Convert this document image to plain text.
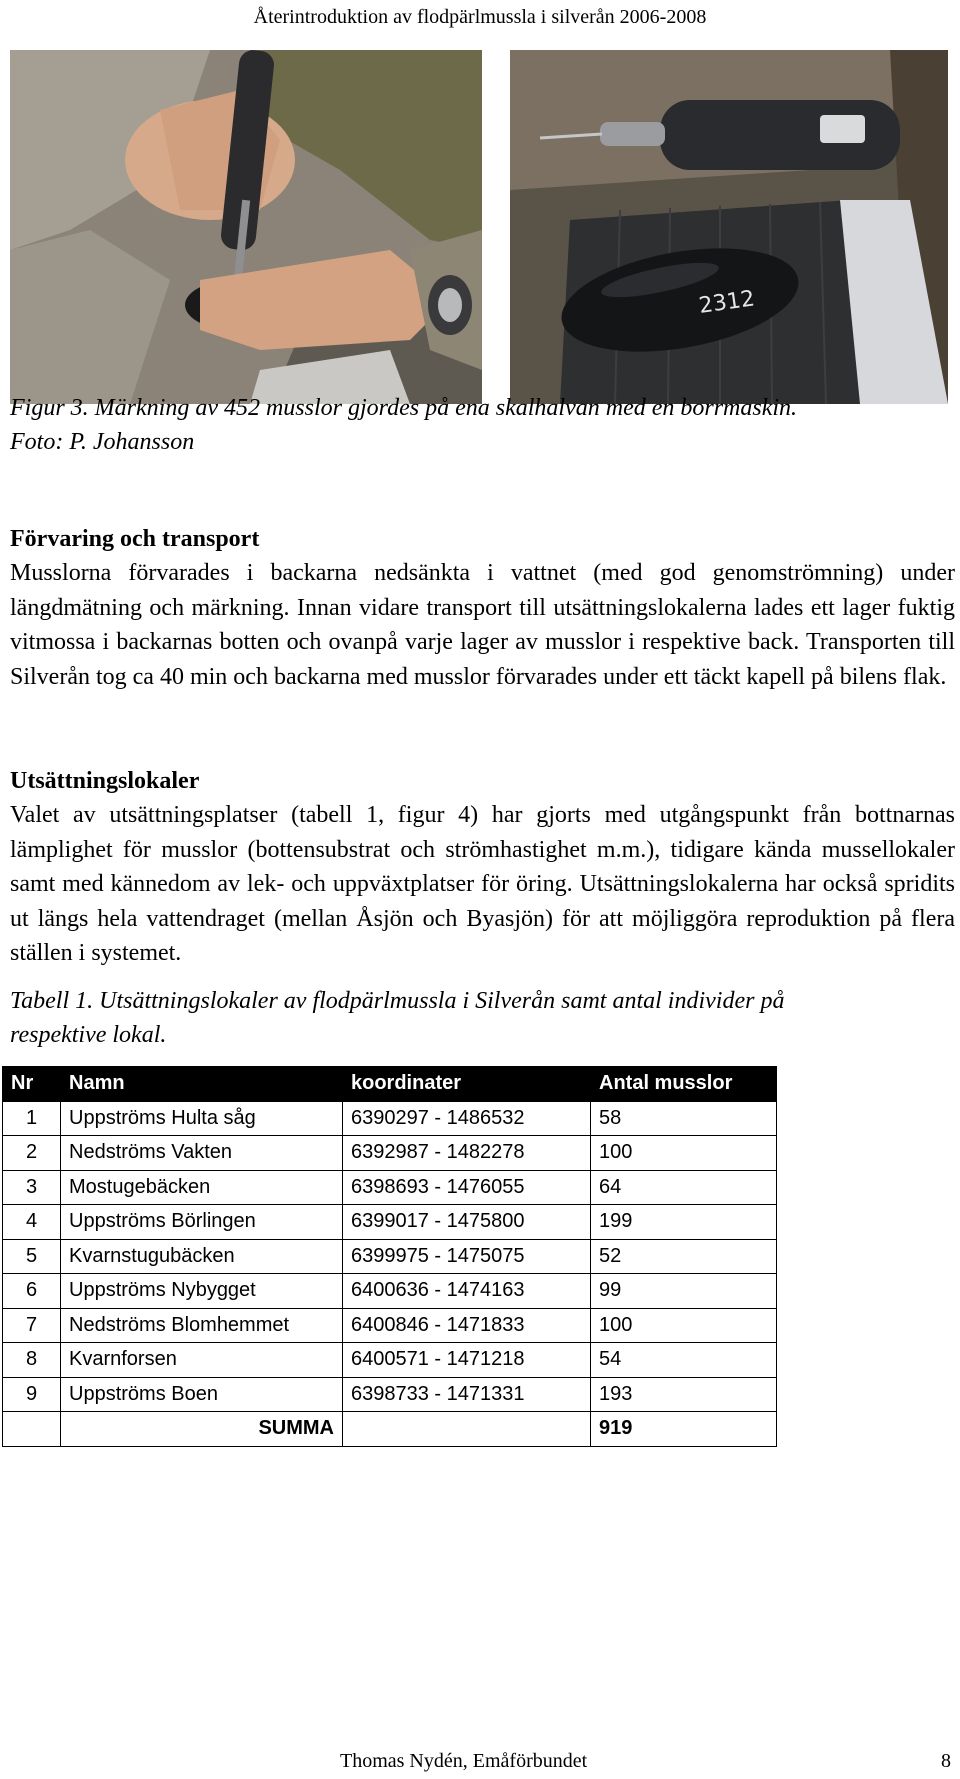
Återintroduktion av flodpärlmussla i silverån 2006-2008
2312
Figur 3. Märkning av 452 musslor gjordes på ena skalhalvan med en borrmaskin.
Foto: P. Johansson
Förvaring och transport

Musslorna förvarades i backarna nedsänkta i vattnet (med god genomströmning) under längdmätning och märkning. Innan vidare transport till utsättningslokalerna lades ett lager fuktig vitmossa i backarnas botten och ovanpå varje lager av musslor i respektive back. Transporten till Silverån tog ca 40 min och backarna med musslor förvarades under ett täckt kapell på bilens flak.

Utsättningslokaler

Valet av utsättningsplatser (tabell 1, figur 4) har gjorts med utgångspunkt från bottnarnas lämplighet för musslor (bottensubstrat och strömhastighet m.m.), tidigare kända mussellokaler samt med kännedom av lek- och uppväxtplatser för öring. Utsättningslokalerna har också spridits ut längs hela vattendraget (mellan Åsjön och Byasjön) för att möjliggöra reproduktion på flera ställen i systemet.

Tabell 1. Utsättningslokaler av flodpärlmussla i Silverån samt antal individer på
respektive lokal.
Nr	Namn	koordinater	Antal musslor
1	Uppströms Hulta såg	6390297 - 1486532	58
2	Nedströms Vakten	6392987 - 1482278	100
3	Mostugebäcken	6398693 - 1476055	64
4	Uppströms Börlingen	6399017 - 1475800	199
5	Kvarnstugubäcken	6399975 - 1475075	52
6	Uppströms Nybygget	6400636 - 1474163	99
7	Nedströms Blomhemmet	6400846 - 1471833	100
8	Kvarnforsen	6400571 - 1471218	54
9	Uppströms Boen	6398733 - 1471331	193
	SUMMA		919
Thomas Nydén, Emåförbundet	8
